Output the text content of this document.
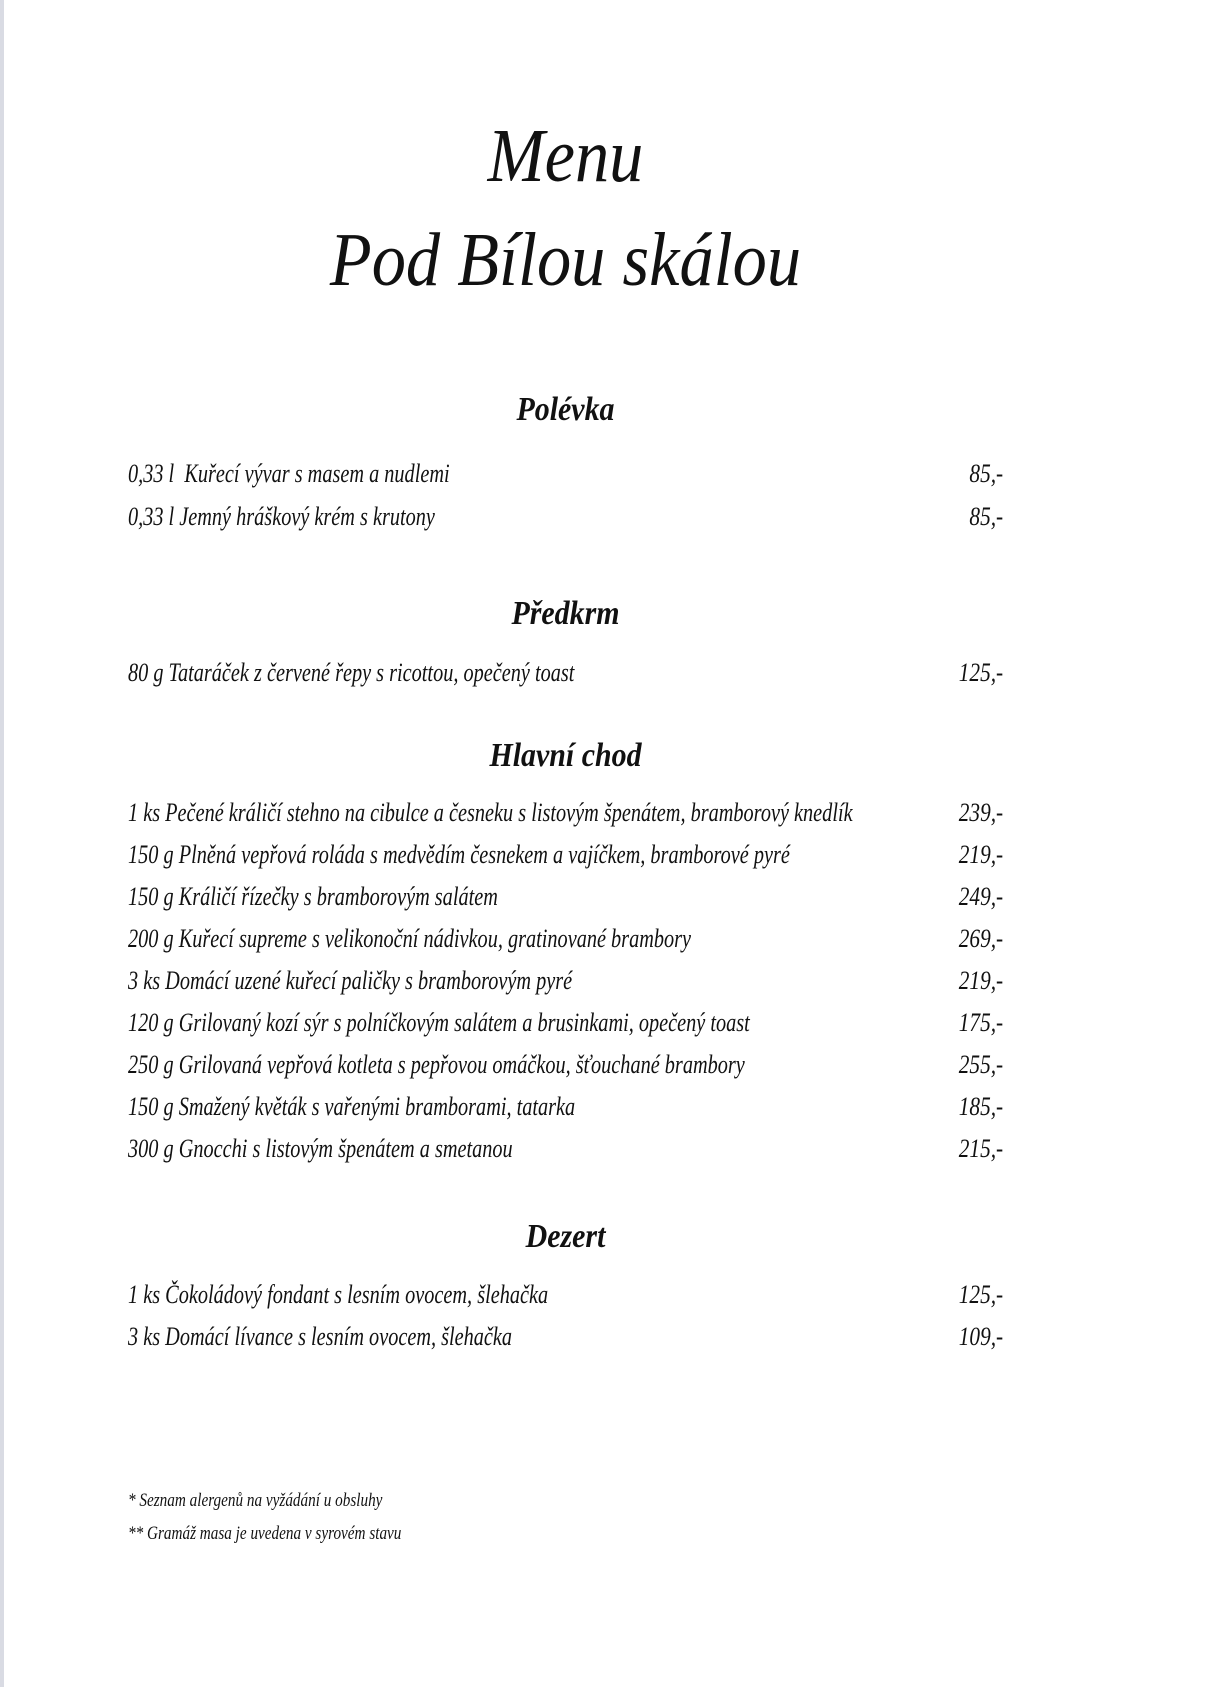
Menu
Pod Bílou skálou
Polévka
0,33 l  Kuřecí vývar s masem a nudlemi	85,-
0,33 l Jemný hráškový krém s krutony	85,-
Předkrm
80 g Tataráček z červené řepy s ricottou, opečený toast	125,-
Hlavní chod
1 ks Pečené králičí stehno na cibulce a česneku s listovým špenátem, bramborový knedlík	239,-
150 g Plněná vepřová roláda s medvědím česnekem a vajíčkem, bramborové pyré	219,-
150 g Králičí řízečky s bramborovým salátem	249,-
200 g Kuřecí supreme s velikonoční nádivkou, gratinované brambory	269,-
3 ks Domácí uzené kuřecí paličky s bramborovým pyré	219,-
120 g Grilovaný kozí sýr s polníčkovým salátem a brusinkami, opečený toast	175,-
250 g Grilovaná vepřová kotleta s pepřovou omáčkou, šťouchané brambory	255,-
150 g Smažený květák s vařenými bramborami, tatarka	185,-
300 g Gnocchi s listovým špenátem a smetanou	215,-
Dezert
1 ks Čokoládový fondant s lesním ovocem, šlehačka	125,-
3 ks Domácí lívance s lesním ovocem, šlehačka	109,-

* Seznam alergenů na vyžádání u obsluhy

** Gramáž masa je uvedena v syrovém stavu
